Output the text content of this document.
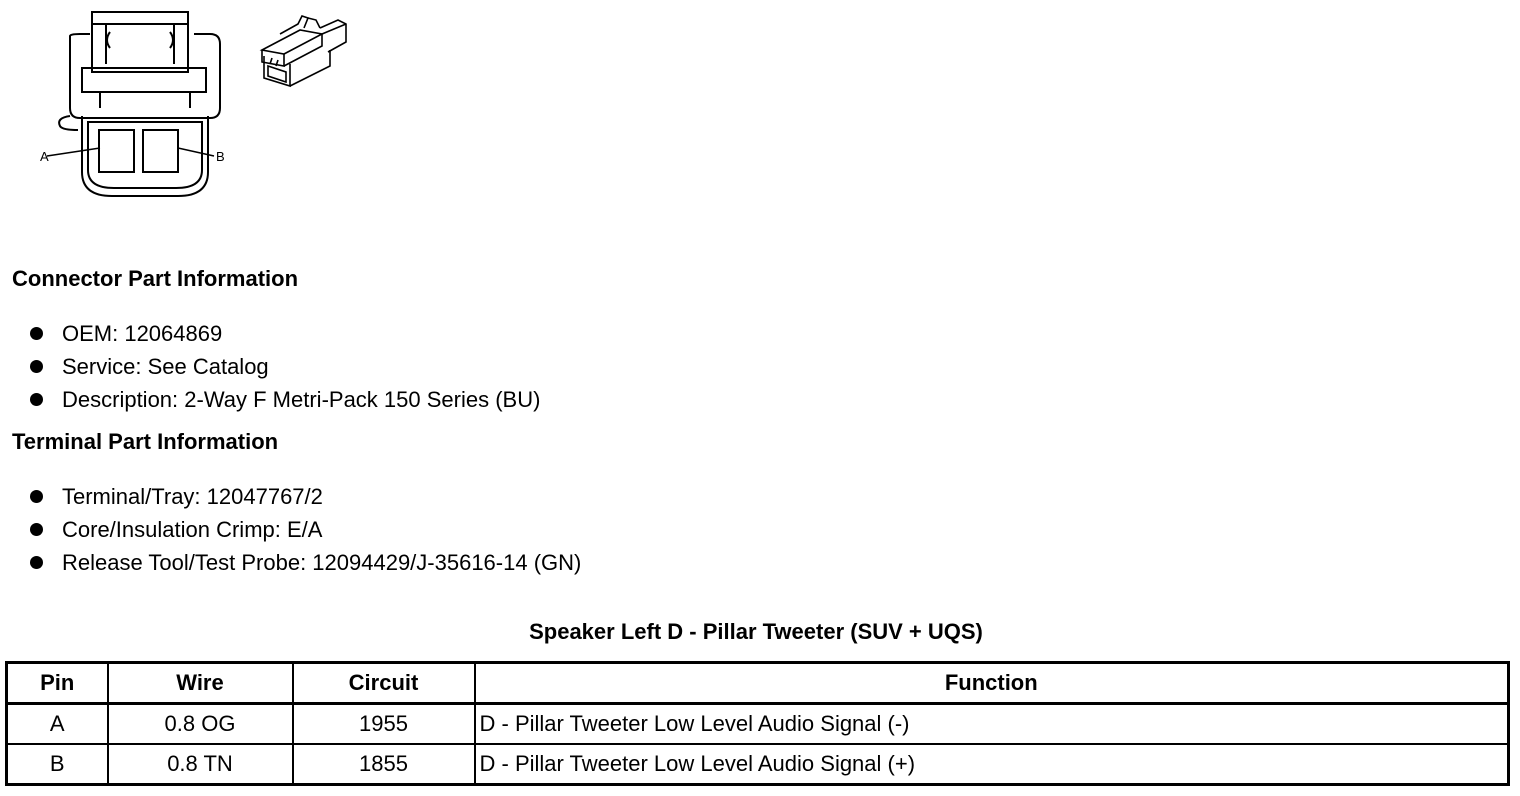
A	B
Connector Part Information
OEM: 12064869
Service: See Catalog
Description: 2-Way F Metri-Pack 150 Series (BU)
Terminal Part Information
Terminal/Tray: 12047767/2
Core/Insulation Crimp: E/A
Release Tool/Test Probe: 12094429/J-35616-14 (GN)
Speaker Left D - Pillar Tweeter (SUV + UQS)
Pin	Wire	Circuit	Function
A	0.8 OG	1955	D - Pillar Tweeter Low Level Audio Signal (-)
B	0.8 TN	1855	D - Pillar Tweeter Low Level Audio Signal (+)
